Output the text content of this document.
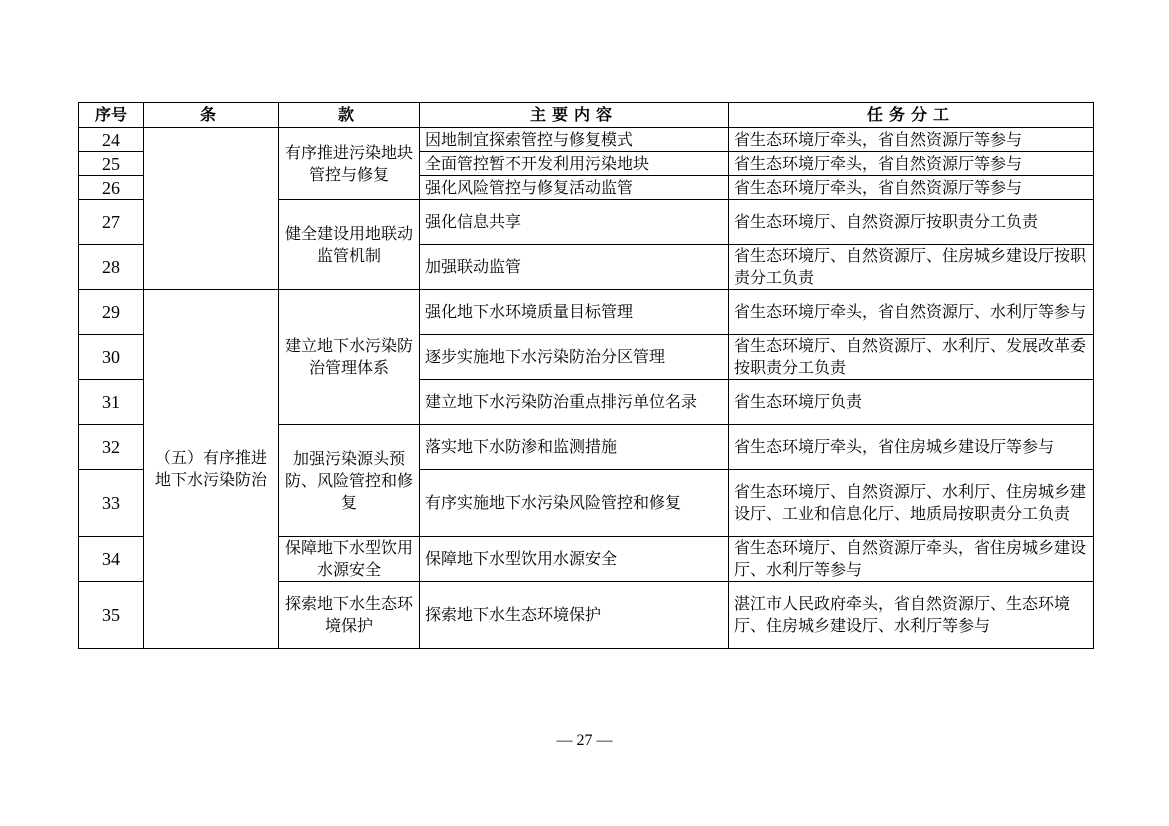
序号	条	款	主要内容	任务分工
24		有序推进污染地块管控与修复	因地制宜探索管控与修复模式	省生态环境厅牵头，省自然资源厅等参与
25			全面管控暂不开发利用污染地块	省生态环境厅牵头，省自然资源厅等参与
26			强化风险管控与修复活动监管	省生态环境厅牵头，省自然资源厅等参与
27		健全建设用地联动监管机制	强化信息共享	省生态环境厅、自然资源厅按职责分工负责
28			加强联动监管	省生态环境厅、自然资源厅、住房城乡建设厅按职责分工负责
29	（五）有序推进地下水污染防治	建立地下水污染防治管理体系	强化地下水环境质量目标管理	省生态环境厅牵头，省自然资源厅、水利厅等参与
30			逐步实施地下水污染防治分区管理	省生态环境厅、自然资源厅、水利厅、发展改革委按职责分工负责
31			建立地下水污染防治重点排污单位名录	省生态环境厅负责
32		加强污染源头预防、风险管控和修复	落实地下水防渗和监测措施	省生态环境厅牵头，省住房城乡建设厅等参与
33			有序实施地下水污染风险管控和修复	省生态环境厅、自然资源厅、水利厅、住房城乡建设厅、工业和信息化厅、地质局按职责分工负责
34		保障地下水型饮用水源安全	保障地下水型饮用水源安全	省生态环境厅、自然资源厅牵头，省住房城乡建设厅、水利厅等参与
35		探索地下水生态环境保护	探索地下水生态环境保护	湛江市人民政府牵头，省自然资源厅、生态环境厅、住房城乡建设厅、水利厅等参与
— 27 —
